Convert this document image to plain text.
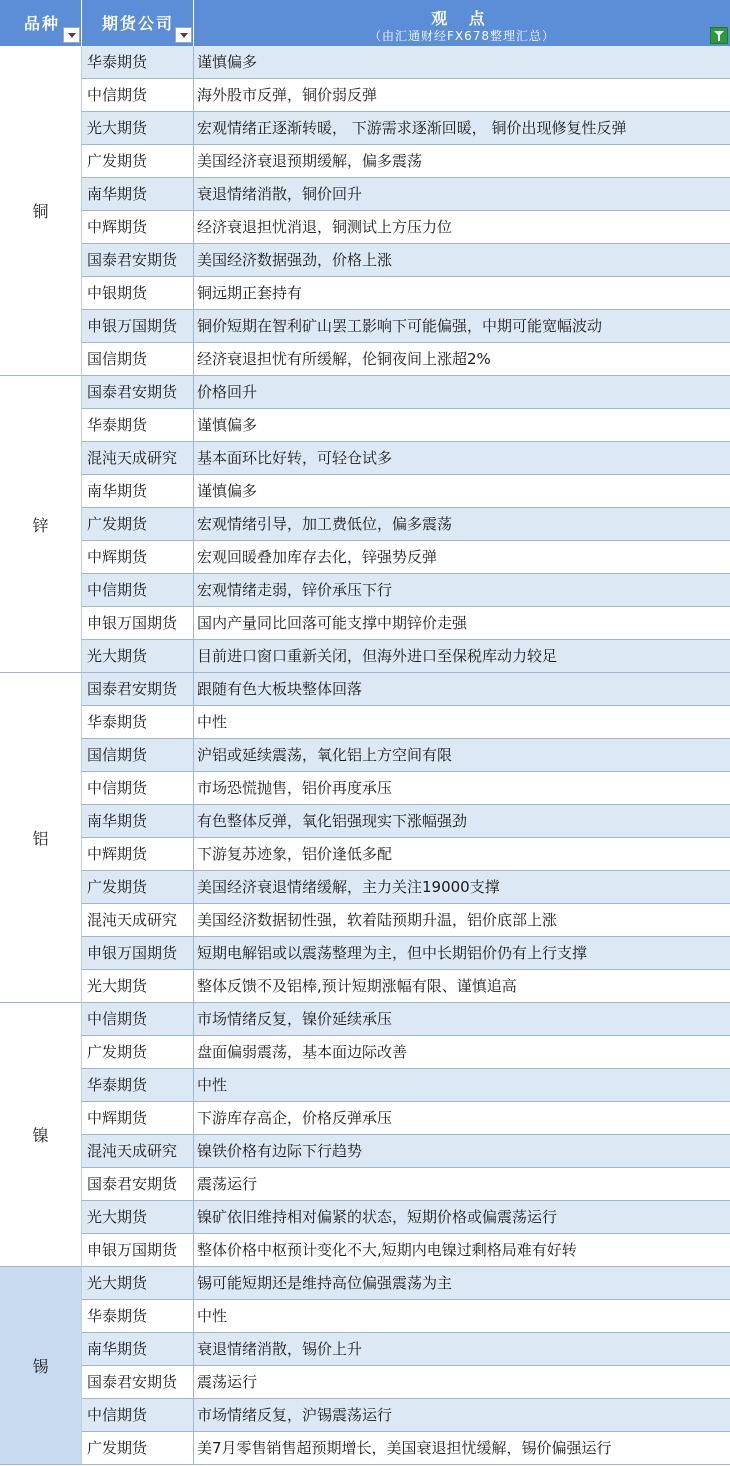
品种	期货公司	观 点
（由汇通财经FX678整理汇总）
铜
华泰期货	谨慎偏多
中信期货	海外股市反弹，铜价弱反弹
光大期货	宏观情绪正逐渐转暖， 下游需求逐渐回暖， 铜价出现修复性反弹
广发期货	美国经济衰退预期缓解，偏多震荡
南华期货	衰退情绪消散，铜价回升
中辉期货	经济衰退担忧消退，铜测试上方压力位
国泰君安期货	美国经济数据强劲，价格上涨
中银期货	铜远期正套持有
申银万国期货	铜价短期在智利矿山罢工影响下可能偏强，中期可能宽幅波动
国信期货	经济衰退担忧有所缓解，伦铜夜间上涨超2%
锌
国泰君安期货	价格回升
华泰期货	谨慎偏多
混沌天成研究	基本面环比好转，可轻仓试多
南华期货	谨慎偏多
广发期货	宏观情绪引导，加工费低位，偏多震荡
中辉期货	宏观回暖叠加库存去化，锌强势反弹
中信期货	宏观情绪走弱，锌价承压下行
申银万国期货	国内产量同比回落可能支撑中期锌价走强
光大期货	目前进口窗口重新关闭，但海外进口至保税库动力较足
铝
国泰君安期货	跟随有色大板块整体回落
华泰期货	中性
国信期货	沪铝或延续震荡，氧化铝上方空间有限
中信期货	市场恐慌抛售，铝价再度承压
南华期货	有色整体反弹，氧化铝强现实下涨幅强劲
中辉期货	下游复苏迹象，铝价逢低多配
广发期货	美国经济衰退情绪缓解，主力关注19000支撑
混沌天成研究	美国经济数据韧性强，软着陆预期升温，铝价底部上涨
申银万国期货	短期电解铝或以震荡整理为主，但中长期铝价仍有上行支撑
光大期货	整体反馈不及铝棒,预计短期涨幅有限、谨慎追高
镍
中信期货	市场情绪反复，镍价延续承压
广发期货	盘面偏弱震荡，基本面边际改善
华泰期货	中性
中辉期货	下游库存高企，价格反弹承压
混沌天成研究	镍铁价格有边际下行趋势
国泰君安期货	震荡运行
光大期货	镍矿依旧维持相对偏紧的状态，短期价格或偏震荡运行
申银万国期货	整体价格中枢预计变化不大,短期内电镍过剩格局难有好转
锡
光大期货	锡可能短期还是维持高位偏强震荡为主
华泰期货	中性
南华期货	衰退情绪消散，锡价上升
国泰君安期货	震荡运行
中信期货	市场情绪反复，沪锡震荡运行
广发期货	美7月零售销售超预期增长，美国衰退担忧缓解，锡价偏强运行
